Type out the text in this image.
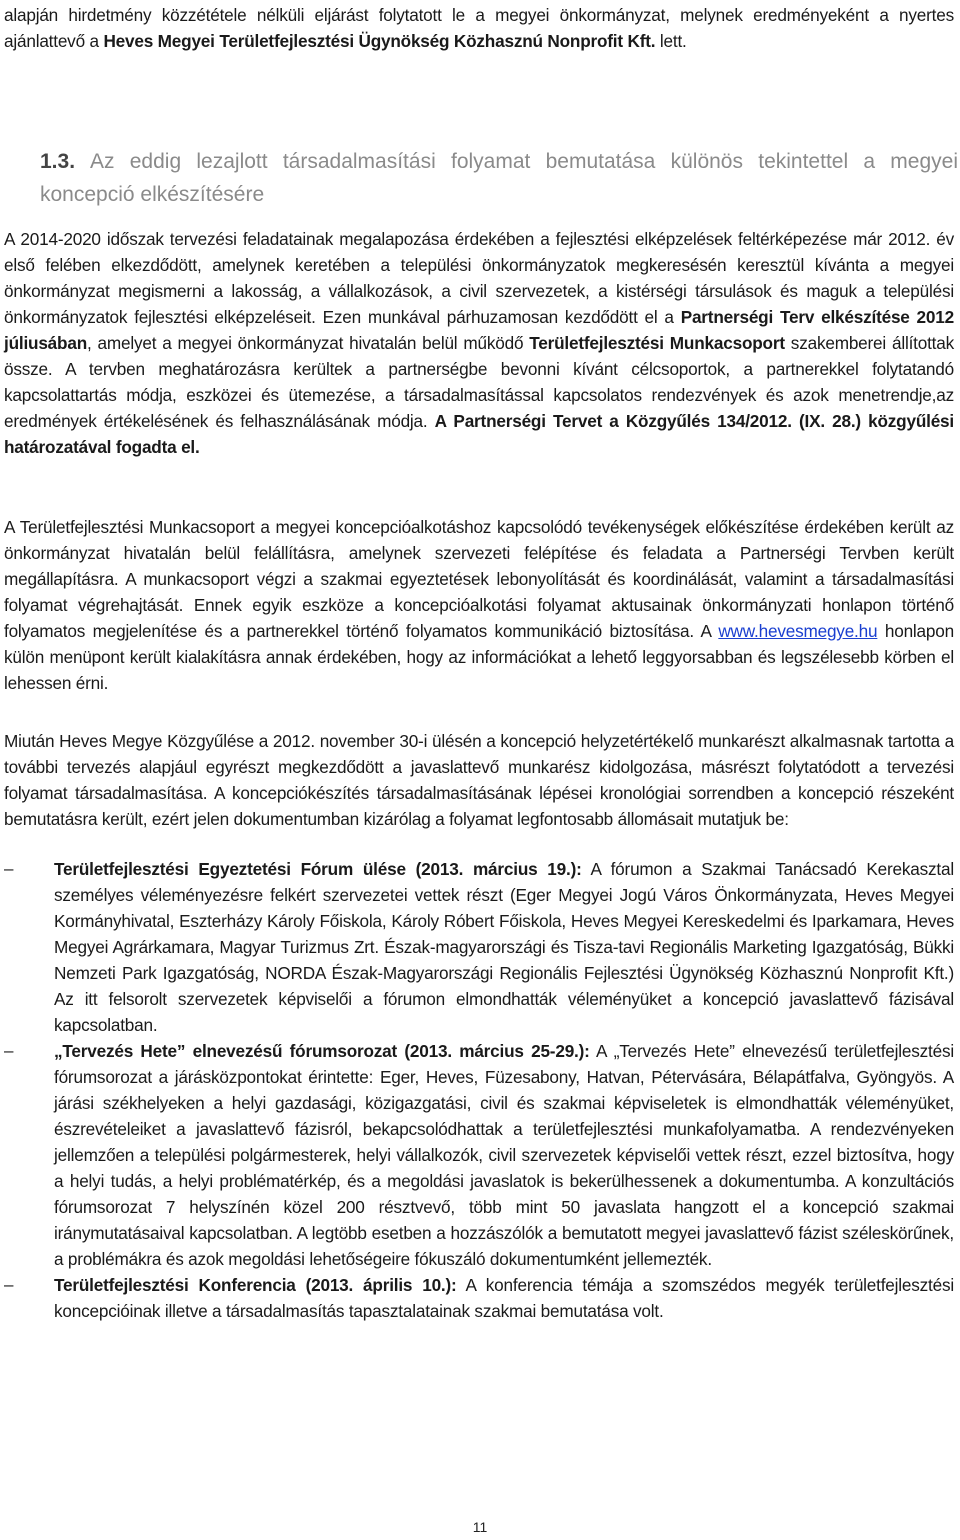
alapján hirdetmény közzététele nélküli eljárást folytatott le a megyei önkormányzat, melynek eredményeként a nyertes ajánlattevő a Heves Megyei Területfejlesztési Ügynökség Közhasznú Nonprofit Kft. lett.

1.3. Az eddig lezajlott társadalmasítási folyamat bemutatása különös tekintettel a megyei koncepció elkészítésére

A 2014-2020 időszak tervezési feladatainak megalapozása érdekében a fejlesztési elképzelések feltérképezése már 2012. év első felében elkezdődött, amelynek keretében a települési önkormányzatok megkeresésén keresztül kívánta a megyei önkormányzat megismerni a lakosság, a vállalkozások, a civil szervezetek, a kistérségi társulások és maguk a települési önkormányzatok fejlesztési elképzeléseit. Ezen munkával párhuzamosan kezdődött el a Partnerségi Terv elkészítése 2012 júliusában, amelyet a megyei önkormányzat hivatalán belül működő Területfejlesztési Munkacsoport szakemberei állítottak össze. A tervben meghatározásra kerültek a partnerségbe bevonni kívánt célcsoportok, a partnerekkel folytatandó kapcsolattartás módja, eszközei és ütemezése, a társadalmasítással kapcsolatos rendezvények és azok menetrendje,az eredmények értékelésének és felhasználásának módja. A Partnerségi Tervet a Közgyűlés 134/2012. (IX. 28.) közgyűlési határozatával fogadta el.

A Területfejlesztési Munkacsoport a megyei koncepcióalkotáshoz kapcsolódó tevékenységek előkészítése érdekében került az önkormányzat hivatalán belül felállításra, amelynek szervezeti felépítése és feladata a Partnerségi Tervben került megállapításra. A munkacsoport végzi a szakmai egyeztetések lebonyolítását és koordinálását, valamint a társadalmasítási folyamat végrehajtását. Ennek egyik eszköze a koncepcióalkotási folyamat aktusainak önkormányzati honlapon történő folyamatos megjelenítése és a partnerekkel történő folyamatos kommunikáció biztosítása. A www.hevesmegye.hu honlapon külön menüpont került kialakításra annak érdekében, hogy az információkat a lehető leggyorsabban és legszélesebb körben el lehessen érni.

Miután Heves Megye Közgyűlése a 2012. november 30-i ülésén a koncepció helyzetértékelő munkarészt alkalmasnak tartotta a további tervezés alapjául egyrészt megkezdődött a javaslattevő munkarész kidolgozása, másrészt folytatódott a tervezési folyamat társadalmasítása. A koncepciókészítés társadalmasításának lépései kronológiai sorrendben a koncepció részeként bemutatásra került, ezért jelen dokumentumban kizárólag a folyamat legfontosabb állomásait mutatjuk be:

– Területfejlesztési Egyeztetési Fórum ülése (2013. március 19.): A fórumon a Szakmai Tanácsadó Kerekasztal személyes véleményezésre felkért szervezetei vettek részt (Eger Megyei Jogú Város Önkormányzata, Heves Megyei Kormányhivatal, Eszterházy Károly Főiskola, Károly Róbert Főiskola, Heves Megyei Kereskedelmi és Iparkamara, Heves Megyei Agrárkamara, Magyar Turizmus Zrt. Észak-magyarországi és Tisza-tavi Regionális Marketing Igazgatóság, Bükki Nemzeti Park Igazgatóság, NORDA Észak-Magyarországi Regionális Fejlesztési Ügynökség Közhasznú Nonprofit Kft.) Az itt felsorolt szervezetek képviselői a fórumon elmondhatták véleményüket a koncepció javaslattevő fázisával kapcsolatban.

– „Tervezés Hete” elnevezésű fórumsorozat (2013. március 25-29.): A „Tervezés Hete” elnevezésű területfejlesztési fórumsorozat a járásközpontokat érintette: Eger, Heves, Füzesabony, Hatvan, Pétervására, Bélapátfalva, Gyöngyös. A járási székhelyeken a helyi gazdasági, közigazgatási, civil és szakmai képviseletek is elmondhatták véleményüket, észrevételeiket a javaslattevő fázisról, bekapcsolódhattak a területfejlesztési munkafolyamatba. A rendezvényeken jellemzően a települési polgármesterek, helyi vállalkozók, civil szervezetek képviselői vettek részt, ezzel biztosítva, hogy a helyi tudás, a helyi problématérkép, és a megoldási javaslatok is bekerülhessenek a dokumentumba. A konzultációs fórumsorozat 7 helyszínén közel 200 résztvevő, több mint 50 javaslata hangzott el a koncepció szakmai iránymutatásaival kapcsolatban. A legtöbb esetben a hozzászólók a bemutatott megyei javaslattevő fázist széleskörűnek, a problémákra és azok megoldási lehetőségeire fókuszáló dokumentumként jellemezték.

– Területfejlesztési Konferencia (2013. április 10.): A konferencia témája a szomszédos megyék területfejlesztési koncepcióinak illetve a társadalmasítás tapasztalatainak szakmai bemutatása volt.

11
